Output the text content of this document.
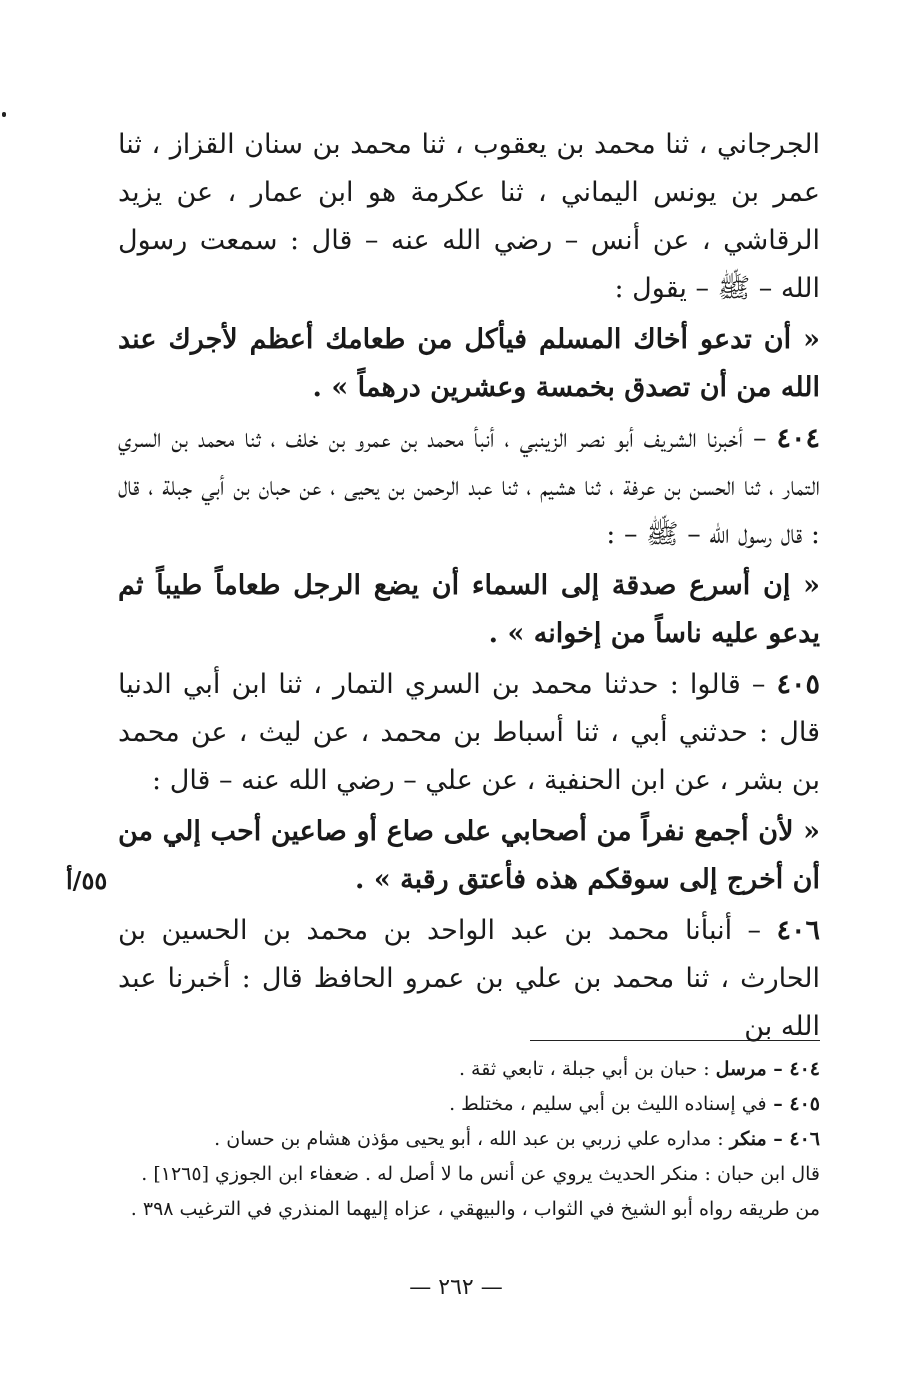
الجرجاني ، ثنا محمد بن يعقوب ، ثنا محمد بن سنان القزاز ، ثنا عمر بن يونس اليماني ، ثنا عكرمة هو ابن عمار ، عن يزيد الرقاشي ، عن أنس – رضي الله عنه – قال : سمعت رسول الله – ﷺ – يقول :

« أن تدعو أخاك المسلم فيأكل من طعامك أعظم لأجرك عند الله من أن تصدق بخمسة وعشرين درهماً » .

٤٠٤ – أخبرنا الشريف أبو نصر الزينبي ، أنبأ محمد بن عمرو بن خلف ، ثنا محمد بن السري التمار ، ثنا الحسن بن عرفة ، ثنا هشيم ، ثنا عبد الرحمن بن يحيى ، عن حبان بن أبي جبلة ، قال : قال رسول الله – ﷺ – :

« إن أسرع صدقة إلى السماء أن يضع الرجل طعاماً طيباً ثم يدعو عليه ناساً من إخوانه » .

٤٠٥ – قالوا : حدثنا محمد بن السري التمار ، ثنا ابن أبي الدنيا قال : حدثني أبي ، ثنا أسباط بن محمد ، عن ليث ، عن محمد بن بشر ، عن ابن الحنفية ، عن علي – رضي الله عنه – قال :

« لأن أجمع نفراً من أصحابي على صاع أو صاعين أحب إلي من أن أخرج إلى سوقكم هذه فأعتق رقبة » .

٤٠٦ – أنبأنا محمد بن عبد الواحد بن محمد بن الحسين بن الحارث ، ثنا محمد بن علي بن عمرو الحافظ قال : أخبرنا عبد الله بن

٥٥/أ

٤٠٤ – مرسل : حبان بن أبي جبلة ، تابعي ثقة .

٤٠٥ – في إسناده الليث بن أبي سليم ، مختلط .

٤٠٦ – منكر : مداره علي زربي بن عبد الله ، أبو يحيى مؤذن هشام بن حسان .

قال ابن حبان : منكر الحديث يروي عن أنس ما لا أصل له . ضعفاء ابن الجوزي [١٢٦٥] .

من طريقه رواه أبو الشيخ في الثواب ، والبيهقي ، عزاه إليهما المنذري في الترغيب ٣٩٨ .

— ٢٦٢ —
